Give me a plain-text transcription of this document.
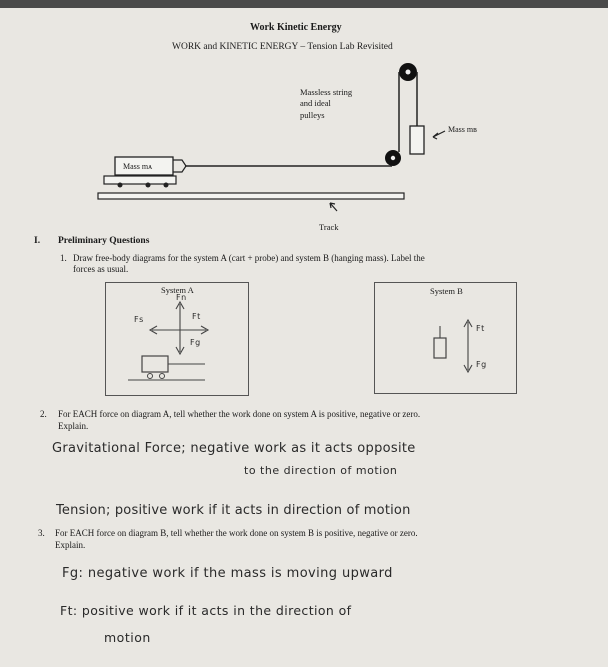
Work Kinetic Energy
WORK and KINETIC ENERGY – Tension Lab Revisited
Massless string
and ideal
pulleys
Mass mʙ
Mass mᴀ
Track
I. Preliminary Questions
1. Draw free-body diagrams for the system A (cart + probe) and system B (hanging mass). Label the
forces as usual.
System A
Fn
Fs	Ft
Fg
System B
Ft
Fg
2. For EACH force on diagram A, tell whether the work done on system A is positive, negative or zero.
Explain.
Gravitational Force; negative work as it acts opposite
to the direction of motion
Tension; positive work if it acts in direction of motion
3. For EACH force on diagram B, tell whether the work done on system B is positive, negative or zero.
Explain.
Fg: negative work if the mass is moving upward
Ft: positive work if it acts in the direction of
motion
